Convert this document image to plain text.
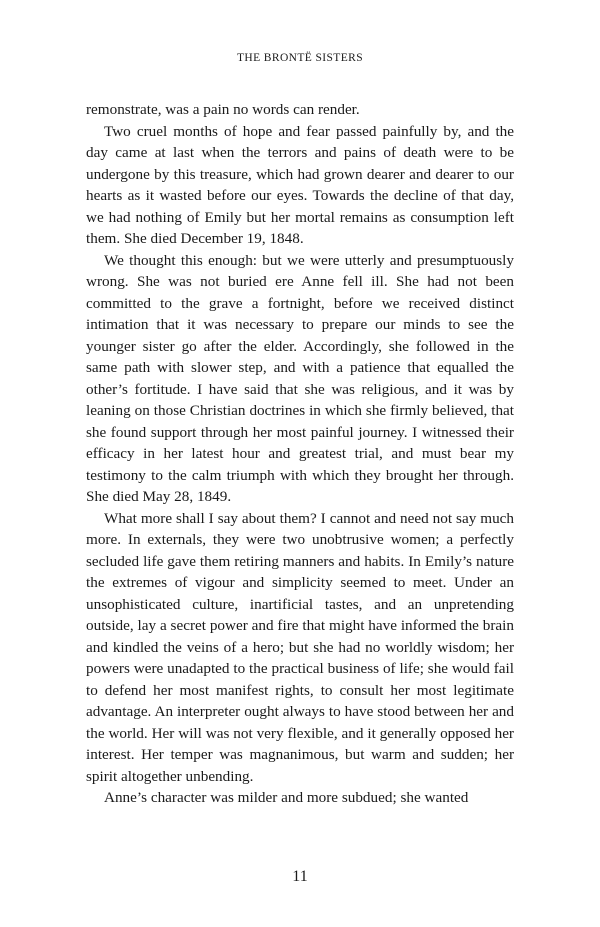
THE BRONTË SISTERS

remonstrate, was a pain no words can render.

Two cruel months of hope and fear passed painfully by, and the day came at last when the terrors and pains of death were to be undergone by this treasure, which had grown dearer and dearer to our hearts as it wasted before our eyes. Towards the decline of that day, we had nothing of Emily but her mortal remains as consumption left them. She died December 19, 1848.

We thought this enough: but we were utterly and presumptuously wrong. She was not buried ere Anne fell ill. She had not been committed to the grave a fortnight, before we received distinct intimation that it was necessary to prepare our minds to see the younger sister go after the elder. Accordingly, she followed in the same path with slower step, and with a patience that equalled the other’s fortitude. I have said that she was religious, and it was by leaning on those Christian doctrines in which she firmly believed, that she found support through her most painful journey. I witnessed their efficacy in her latest hour and greatest trial, and must bear my testimony to the calm triumph with which they brought her through. She died May 28, 1849.

What more shall I say about them? I cannot and need not say much more. In externals, they were two unobtrusive women; a perfectly secluded life gave them retiring manners and habits. In Emily’s nature the extremes of vigour and simplicity seemed to meet. Under an unsophisticated culture, inartificial tastes, and an unpretending outside, lay a secret power and fire that might have informed the brain and kindled the veins of a hero; but she had no worldly wisdom; her powers were unadapted to the practical business of life; she would fail to defend her most manifest rights, to consult her most legitimate advantage. An interpreter ought always to have stood between her and the world. Her will was not very flexible, and it generally opposed her interest. Her temper was magnanimous, but warm and sudden; her spirit altogether unbending.

Anne’s character was milder and more subdued; she wanted

11
